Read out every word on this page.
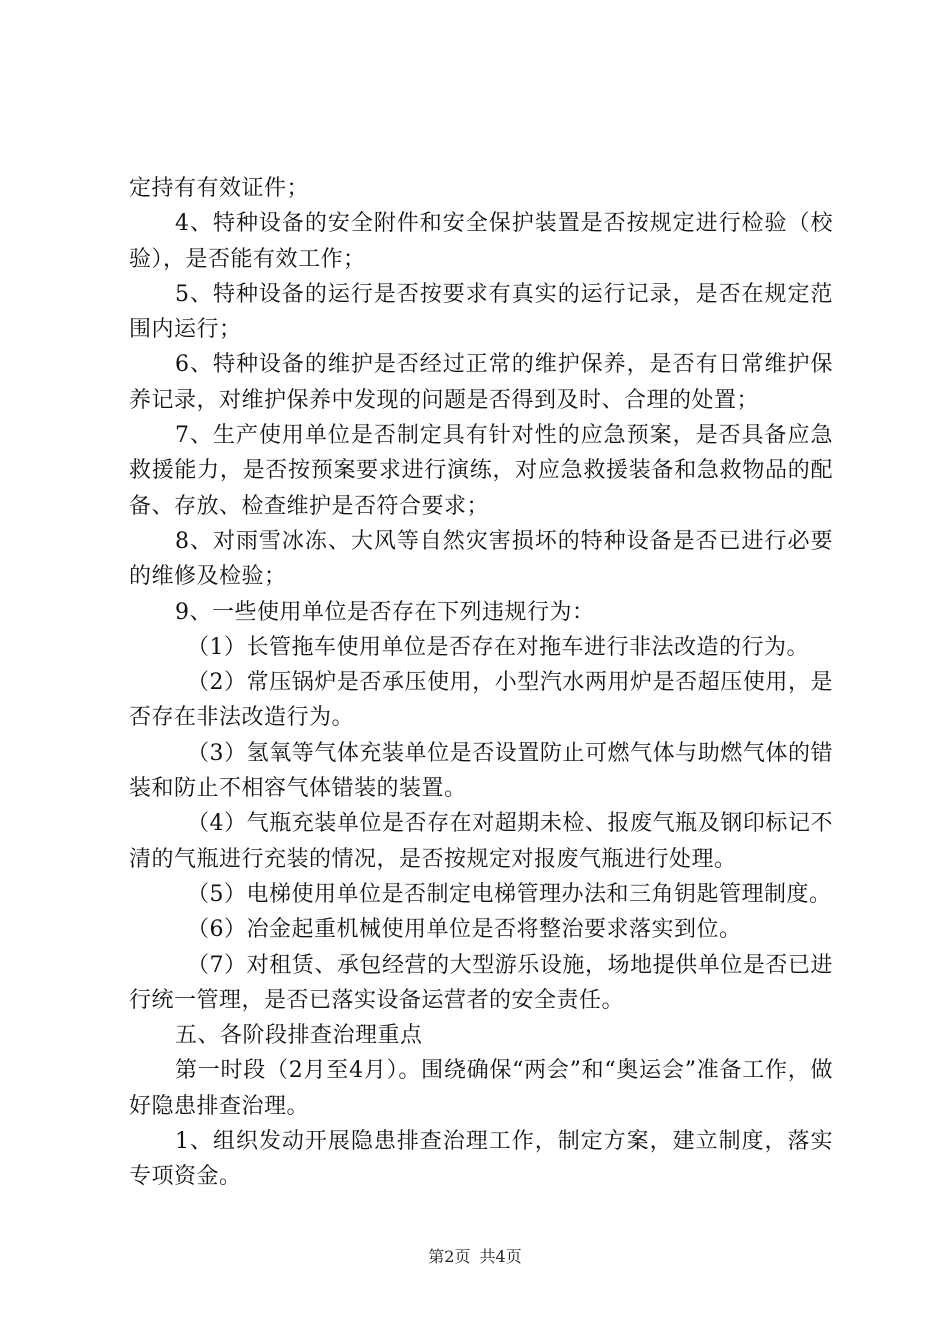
定持有有效证件；

4、特种设备的安全附件和安全保护装置是否按规定进行检验（校验），是否能有效工作；

5、特种设备的运行是否按要求有真实的运行记录，是否在规定范围内运行；

6、特种设备的维护是否经过正常的维护保养，是否有日常维护保养记录，对维护保养中发现的问题是否得到及时、合理的处置；

7、生产使用单位是否制定具有针对性的应急预案，是否具备应急救援能力，是否按预案要求进行演练，对应急救援装备和急救物品的配备、存放、检查维护是否符合要求；

8、对雨雪冰冻、大风等自然灾害损坏的特种设备是否已进行必要的维修及检验；

9、一些使用单位是否存在下列违规行为：

（1）长管拖车使用单位是否存在对拖车进行非法改造的行为。

（2）常压锅炉是否承压使用，小型汽水两用炉是否超压使用，是否存在非法改造行为。

（3）氢氧等气体充装单位是否设置防止可燃气体与助燃气体的错装和防止不相容气体错装的装置。

（4）气瓶充装单位是否存在对超期未检、报废气瓶及钢印标记不清的气瓶进行充装的情况，是否按规定对报废气瓶进行处理。

（5）电梯使用单位是否制定电梯管理办法和三角钥匙管理制度。

（6）冶金起重机械使用单位是否将整治要求落实到位。

（7）对租赁、承包经营的大型游乐设施，场地提供单位是否已进行统一管理，是否已落实设备运营者的安全责任。

五、各阶段排查治理重点

第一时段（2月至4月）。围绕确保“两会”和“奥运会”准备工作，做好隐患排查治理。

1、组织发动开展隐患排查治理工作，制定方案，建立制度，落实专项资金。

第2页 共4页
